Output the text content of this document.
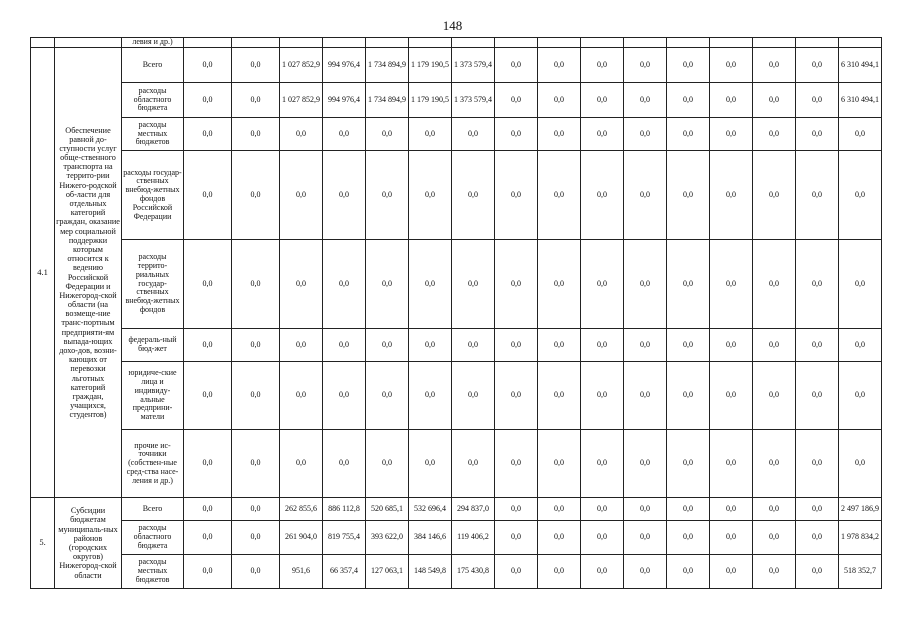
148
		левия и др.)																
4.1	Обеспечение равной до-ступности услуг обще-ственного транспорта на террито-рии Нижего-родской об-ласти для отдельных категорий граждан, оказание мер социальной поддержки которым относится к ведению Российской Федерации и Нижегород-ской области (на возмеще-ние транс-портным предприяти-ям выпада-ющих дохо-дов, возни-кающих от перевозки льготных категорий граждан, учащихся, студентов)	Всего	0,0	0,0	1 027 852,9	994 976,4	1 734 894,9	1 179 190,5	1 373 579,4	0,0	0,0	0,0	0,0	0,0	0,0	0,0	0,0	6 310 494,1
		расходы областного бюджета	0,0	0,0	1 027 852,9	994 976,4	1 734 894,9	1 179 190,5	1 373 579,4	0,0	0,0	0,0	0,0	0,0	0,0	0,0	0,0	6 310 494,1
		расходы местных бюджетов	0,0	0,0	0,0	0,0	0,0	0,0	0,0	0,0	0,0	0,0	0,0	0,0	0,0	0,0	0,0	0,0
		расходы государ-ственных внебюд-жетных фондов Российской Федерации	0,0	0,0	0,0	0,0	0,0	0,0	0,0	0,0	0,0	0,0	0,0	0,0	0,0	0,0	0,0	0,0
		расходы террито-риальных государ-ственных внебюд-жетных фондов	0,0	0,0	0,0	0,0	0,0	0,0	0,0	0,0	0,0	0,0	0,0	0,0	0,0	0,0	0,0	0,0
		федераль-ный бюд-жет	0,0	0,0	0,0	0,0	0,0	0,0	0,0	0,0	0,0	0,0	0,0	0,0	0,0	0,0	0,0	0,0
		юридиче-ские лица и индивиду-альные предприни-матели	0,0	0,0	0,0	0,0	0,0	0,0	0,0	0,0	0,0	0,0	0,0	0,0	0,0	0,0	0,0	0,0
		прочие ис-точники (собствен-ные сред-ства насе-ления и др.)	0,0	0,0	0,0	0,0	0,0	0,0	0,0	0,0	0,0	0,0	0,0	0,0	0,0	0,0	0,0	0,0
5.	Субсидии бюджетам муниципаль-ных районов (городских округов) Нижегород-ской области	Всего	0,0	0,0	262 855,6	886 112,8	520 685,1	532 696,4	294 837,0	0,0	0,0	0,0	0,0	0,0	0,0	0,0	0,0	2 497 186,9
		расходы областного бюджета	0,0	0,0	261 904,0	819 755,4	393 622,0	384 146,6	119 406,2	0,0	0,0	0,0	0,0	0,0	0,0	0,0	0,0	1 978 834,2
		расходы местных бюджетов	0,0	0,0	951,6	66 357,4	127 063,1	148 549,8	175 430,8	0,0	0,0	0,0	0,0	0,0	0,0	0,0	0,0	518 352,7
